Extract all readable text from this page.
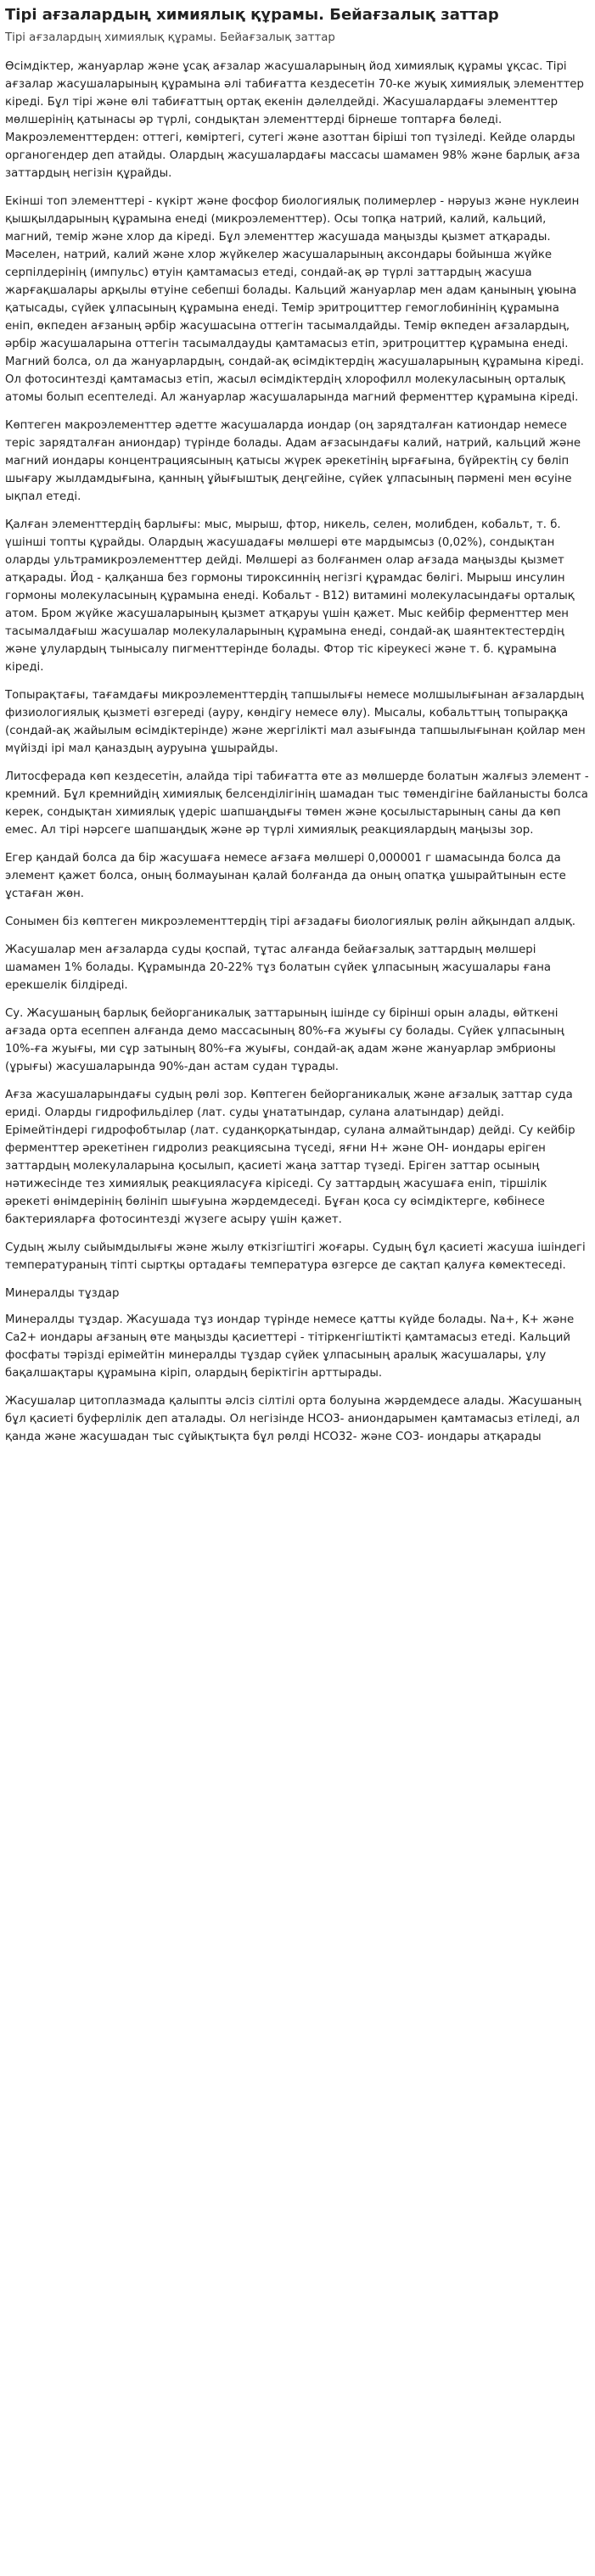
Тірі ағзалардың химиялық құрамы. Бейағзалық заттар
Тірі ағзалардың химиялық құрамы. Бейағзалық заттар

Өсімдіктер, жануарлар және ұсақ ағзалар жасушаларының йод химиялық құрамы ұқсас. Тірі ағзалар жасушаларының құрамына әлі табиғатта кездесетін 70-ке жуық химиялық элементтер кіреді. Бұл тірі және өлі табиғаттың ортақ екенін дәлелдейді. Жасушалардағы элементтер мөлшерінің қатынасы әр түрлі, сондықтан элементтерді бірнеше топтарға бөледі. Макроэлементтерден: оттегі, көміртегі, сутегі және азоттан біріші топ түзіледі. Кейде оларды органогендер деп атайды. Олардың жасушалардағы массасы шамамен 98% және барлық ағза заттардың негізін құрайды.

Екінші топ элементтері - күкірт және фосфор биологиялық полимерлер - нәруыз және нуклеин қышқылдарының құрамына енеді (микроэлементтер). Осы топқа натрий, калий, кальций, магний, темір және хлор да кіреді. Бұл элементтер жасушада маңызды қызмет атқарады. Мәселен, натрий, калий және хлор жүйкелер жасушаларының аксондары бойынша жүйке серпілдерінің (импульс) өтуін қамтамасыз етеді, сондай-ақ әр түрлі заттардың жасуша жарғақшалары арқылы өтуіне себепші болады. Кальций жануарлар мен адам қанының ұюына қатысады, сүйек ұлпасының құрамына енеді. Темір эритроциттер гемоглобинінің құрамына еніп, өкпеден ағзаның әрбір жасушасына оттегін тасымалдайды. Темір өкпеден ағзалардың, әрбір жасушаларына оттегін тасымалдауды қамтамасыз етіп, эритроциттер құрамына енеді. Магний болса, ол да жануарлардың, сондай-ақ өсімдіктердің жасушаларының құрамына кіреді. Ол фотосинтезді қамтамасыз етіп, жасыл өсімдіктердің хлорофилл молекуласының орталық атомы болып есептеледі. Ал жануарлар жасушаларында магний ферменттер құрамына кіреді.

Көптеген макроэлементтер әдетте жасушаларда иондар (оң зарядталған катиондар немесе теріс зарядталған аниондар) түрінде болады. Адам ағзасындағы калий, натрий, кальций және магний иондары концентрациясының қатысы жүрек әрекетінің ырғағына, бүйректің су бөліп шығару жылдамдығына, қанның ұйығыштық деңгейіне, сүйек ұлпасының пәрмені мен өсуіне ықпал етеді.

Қалған элементтердің барлығы: мыс, мырыш, фтор, никель, селен, молибден, кобальт, т. б. үшінші топты құрайды. Олардың жасушадағы мөлшері өте мардымсыз (0,02%), сондықтан оларды ультрамикроэлементтер дейді. Мөлшері аз болғанмен олар ағзада маңызды қызмет атқарады. Йод - қалқанша без гормоны тироксиннің негізгі құрамдас бөлігі. Мырыш инсулин гормоны молекуласының құрамына енеді. Кобальт - В12) витамині молекуласындағы орталық атом. Бром жүйке жасушаларының қызмет атқаруы үшін қажет. Мыс кейбір ферменттер мен тасымалдағыш жасушалар молекулаларының құрамына енеді, сондай-ақ шаянтектестердің және ұлулардың тынысалу пигменттерінде болады. Фтор тіс кіреукесі және т. б. құрамына кіреді.

Топырақтағы, тағамдағы микроэлементтердің тапшылығы немесе молшылығынан ағзалардың физиологиялық қызметі өзгереді (ауру, көндігу немесе өлу). Мысалы, кобальттың топыраққа (сондай-ақ жайылым өсімдіктерінде) және жергілікті мал азығында тапшылығынан қойлар мен мүйізді ірі мал қаназдың ауруына ұшырайды.

Литосферада көп кездесетін, алайда тірі табиғатта өте аз мөлшерде болатын жалғыз элемент - кремний. Бұл кремнийдің химиялық белсенділігінің шамадан тыс төмендігіне байланысты болса керек, сондықтан химиялық үдеріс шапшаңдығы төмен және қосылыстарының саны да көп емес. Ал тірі нәрсеге шапшаңдық және әр түрлі химиялық реакциялардың маңызы зор.

Егер қандай болса да бір жасушаға немесе ағзаға мөлшері 0,000001 г шамасында болса да элемент қажет болса, оның болмауынан қалай болғанда да оның опатқа ұшырайтынын есте ұстаған жөн.

Сонымен біз көптеген микроэлементтердің тірі ағзадағы биологиялық рөлін айқындап алдық.

Жасушалар мен ағзаларда суды қоспай, тұтас алғанда бейағзалық заттардың мөлшері шамамен 1% болады. Құрамында 20-22% тұз болатын сүйек ұлпасының жасушалары ғана ерекшелік білдіреді.

Су. Жасушаның барлық бейорганикалық заттарының ішінде су бірінші орын алады, өйткені ағзада орта есеппен алғанда демо массасының 80%-ға жуығы су болады. Сүйек ұлпасының 10%-ға жуығы, ми сұр затының 80%-ға жуығы, сондай-ақ адам және жануарлар эмбрионы (ұрығы) жасушаларында 90%-дан астам судан тұрады.

Ағза жасушаларындағы судың рөлі зор. Көптеген бейорганикалық және ағзалық заттар суда ериді. Оларды гидрофильділер (лат. суды ұнататындар, сулана алатындар) дейді. Ерімейтіндері гидрофобтылар (лат. суданқорқатындар, сулана алмайтындар) дейді. Су кейбір ферменттер әрекетінен гидролиз реакциясына түседі, яғни Н+ және ОН- иондары еріген заттардың молекулаларына қосылып, қасиеті жаңа заттар түзеді. Еріген заттар осының нәтижесінде тез химиялық реакцияласуға кіріседі. Су заттардың жасушаға еніп, тіршілік әрекеті өнімдерінің бөлініп шығуына жәрдемдеседі. Бұған қоса су өсімдіктерге, көбінесе бактерияларға фотосинтезді жүзеге асыру үшін қажет.

Судың жылу сыйымдылығы және жылу өткізгіштігі жоғары. Судың бұл қасиеті жасуша ішіндегі температураның тіпті сыртқы ортадағы температура өзгерсе де сақтап қалуға көмектеседі.

Минералды тұздар

Минералды тұздар. Жасушада тұз иондар түрінде немесе қатты күйде болады. Na+, K+ және Ca2+ иондары ағзаның өте маңызды қасиеттері - тітіркенгіштікті қамтамасыз етеді. Кальций фосфаты тәрізді ерімейтін минералды тұздар сүйек ұлпасының аралық жасушалары, ұлу бақалшақтары құрамына кіріп, олардың беріктігін арттырады.

Жасушалар цитоплазмада қалыпты әлсіз сілтілі орта болуына жәрдемдесе алады. Жасушаның бұл қасиеті буферлілік деп аталады. Ол негізінде НСО3- аниондарымен қамтамасыз етіледі, ал қанда және жасушадан тыс сұйықтықта бұл рөлді НСО32- және СО3- иондары атқарады
